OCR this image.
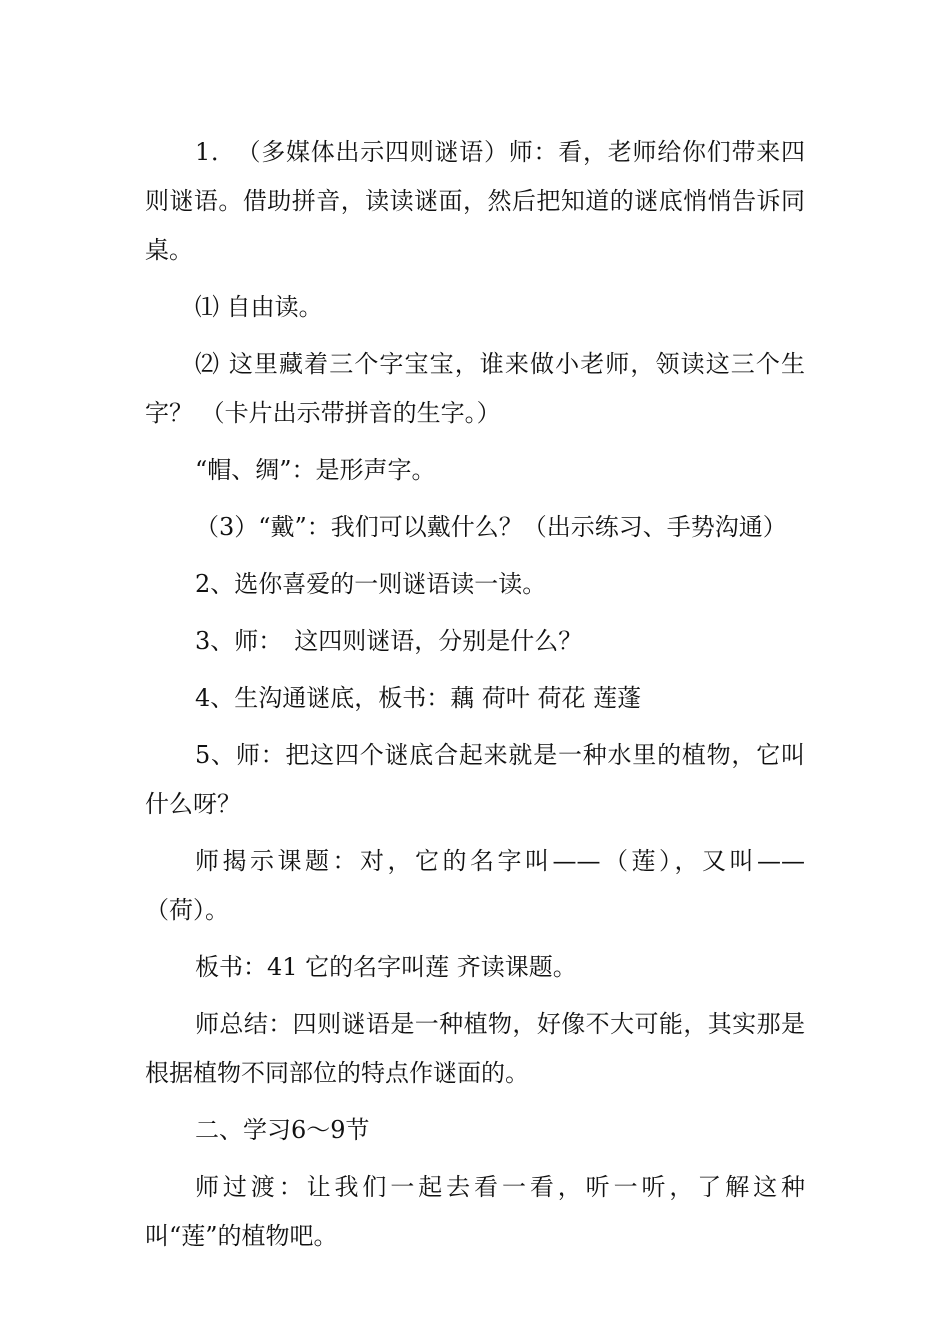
1．　（多媒体出示四则谜语）师：看，老师给你们带来四则谜语。借助拼音，读读谜面，然后把知道的谜底悄悄告诉同桌。

⑴ 自由读。

⑵ 这里藏着三个字宝宝，谁来做小老师，领读这三个生字？ （卡片出示带拼音的生字。）

“帽、绸”：是形声字。

（3）“戴”：我们可以戴什么？（出示练习、手势沟通）

2、选你喜爱的一则谜语读一读。

3、师：　这四则谜语，分别是什么？

4、生沟通谜底，板书：藕 荷叶 荷花 莲蓬

5、师：把这四个谜底合起来就是一种水里的植物，它叫什么呀？

师揭示课题：对，它的名字叫——（莲），又叫——（荷）。

板书：41 它的名字叫莲 齐读课题。

师总结：四则谜语是一种植物，好像不大可能，其实那是根据植物不同部位的特点作谜面的。

二、学习6～9节

师过渡：让我们一起去看一看，听一听，了解这种叫“莲”的植物吧。
